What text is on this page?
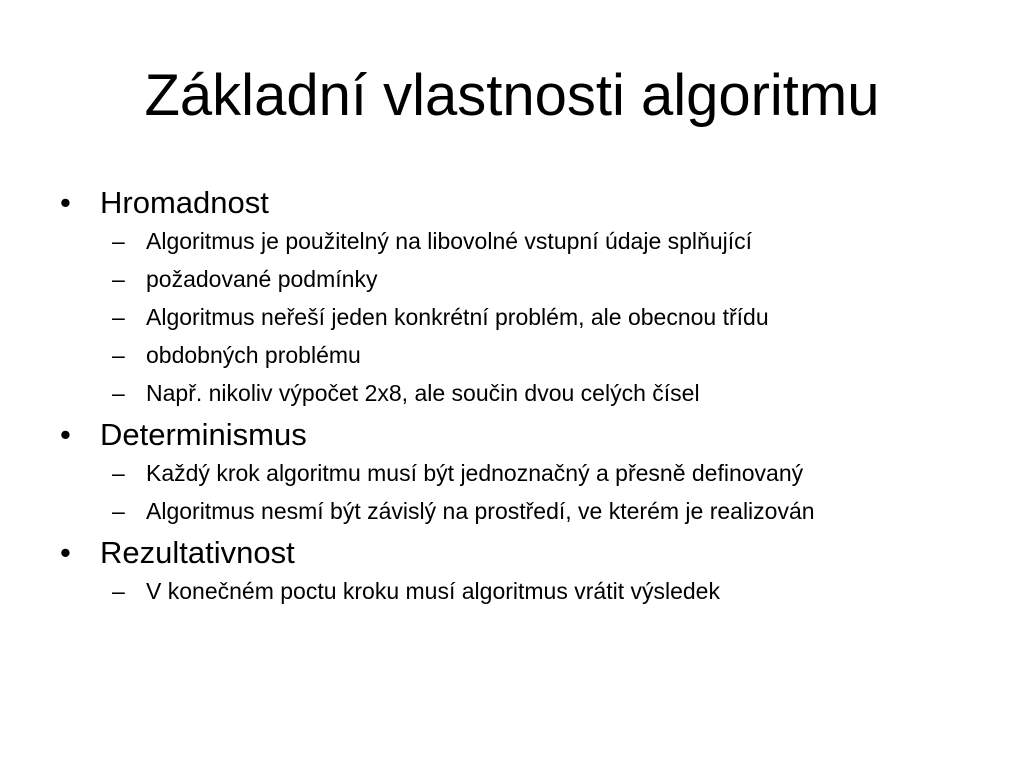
Základní vlastnosti algoritmu
• Hromadnost
– Algoritmus je použitelný na libovolné vstupní údaje splňující
– požadované podmínky
– Algoritmus neřeší jeden konkrétní problém, ale obecnou třídu
– obdobných problému
– Např. nikoliv výpočet 2x8, ale součin dvou celých čísel
• Determinismus
– Každý krok algoritmu musí být jednoznačný a přesně definovaný
– Algoritmus nesmí být závislý na prostředí, ve kterém je realizován
• Rezultativnost
– V konečném poctu kroku musí algoritmus vrátit výsledek
